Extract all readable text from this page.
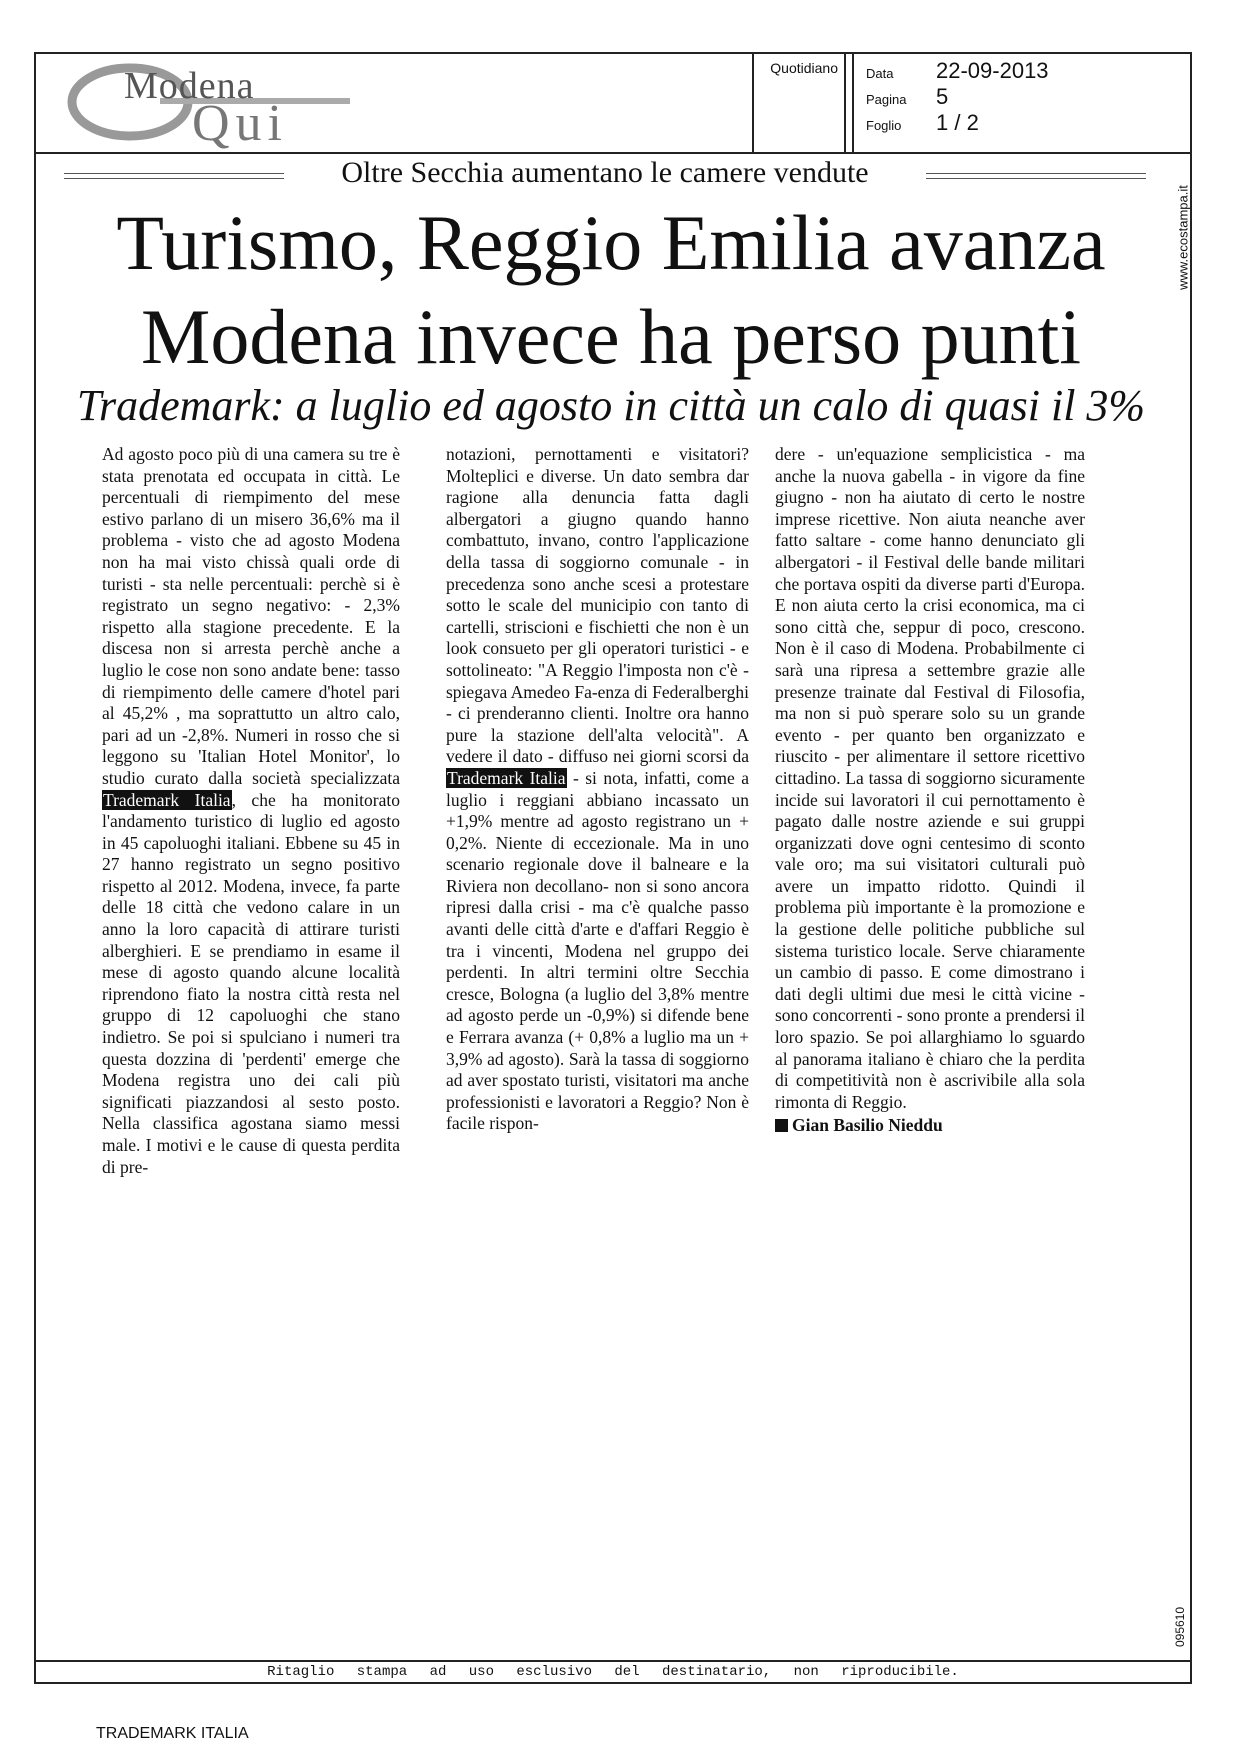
Modena
Qui
Quotidiano Data 22-09-2013
Pagina 5
Foglio 1 / 2
Oltre Secchia aumentano le camere vendute
Turismo, Reggio Emilia avanza
Modena invece ha perso punti
Trademark: a luglio ed agosto in città un calo di quasi il 3%
Ad agosto poco più di una camera su tre è stata prenotata ed occupata in città. Le percentuali di riempimento del mese estivo parlano di un misero 36,6% ma il problema - visto che ad agosto Modena non ha mai visto chissà quali orde di turisti - sta nelle percentuali: perchè si è registrato un segno negativo: - 2,3% rispetto alla stagione precedente. E la discesa non si arresta perchè anche a luglio le cose non sono andate bene: tasso di riempimento delle camere d'hotel pari al 45,2% , ma soprattutto un altro calo, pari ad un -2,8%. Numeri in rosso che si leggono su 'Italian Hotel Monitor', lo studio curato dalla società specializzata Trademark Italia, che ha monitorato l'andamento turistico di luglio ed agosto in 45 capoluoghi italiani. Ebbene su 45 in 27 hanno registrato un segno positivo rispetto al 2012. Modena, invece, fa parte delle 18 città che vedono calare in un anno la loro capacità di attirare turisti alberghieri. E se prendiamo in esame il mese di agosto quando alcune località riprendono fiato la nostra città resta nel gruppo di 12 capoluoghi che stano indietro. Se poi si spulciano i numeri tra questa dozzina di 'perdenti' emerge che Modena registra uno dei cali più significati piazzandosi al sesto posto. Nella classifica agostana siamo messi male. I motivi e le cause di questa perdita di pre-
notazioni, pernottamenti e visitatori? Molteplici e diverse. Un dato sembra dar ragione alla denuncia fatta dagli albergatori a giugno quando hanno combattuto, invano, contro l'applicazione della tassa di soggiorno comunale - in precedenza sono anche scesi a protestare sotto le scale del municipio con tanto di cartelli, striscioni e fischietti che non è un look consueto per gli operatori turistici - e sottolineato: "A Reggio l'imposta non c'è - spiegava Amedeo Fa-enza di Federalberghi - ci prenderanno clienti. Inoltre ora hanno pure la stazione dell'alta velocità". A vedere il dato - diffuso nei giorni scorsi da Trademark Italia - si nota, infatti, come a luglio i reggiani abbiano incassato un +1,9% mentre ad agosto registrano un + 0,2%. Niente di eccezionale. Ma in uno scenario regionale dove il balneare e la Riviera non decollano- non si sono ancora ripresi dalla crisi - ma c'è qualche passo avanti delle città d'arte e d'affari Reggio è tra i vincenti, Modena nel gruppo dei perdenti. In altri termini oltre Secchia cresce, Bologna (a luglio del 3,8% mentre ad agosto perde un -0,9%) si difende bene e Ferrara avanza (+ 0,8% a luglio ma un + 3,9% ad agosto). Sarà la tassa di soggiorno ad aver spostato turisti, visitatori ma anche professionisti e lavoratori a Reggio? Non è facile rispon-
dere - un'equazione semplicistica - ma anche la nuova gabella - in vigore da fine giugno - non ha aiutato di certo le nostre imprese ricettive. Non aiuta neanche aver fatto saltare - come hanno denunciato gli albergatori - il Festival delle bande militari che portava ospiti da diverse parti d'Europa. E non aiuta certo la crisi economica, ma ci sono città che, seppur di poco, crescono. Non è il caso di Modena. Probabilmente ci sarà una ripresa a settembre grazie alle presenze trainate dal Festival di Filosofia, ma non si può sperare solo su un grande evento - per quanto ben organizzato e riuscito - per alimentare il settore ricettivo cittadino. La tassa di soggiorno sicuramente incide sui lavoratori il cui pernottamento è pagato dalle nostre aziende e sui gruppi organizzati dove ogni centesimo di sconto vale oro; ma sui visitatori culturali può avere un impatto ridotto. Quindi il problema più importante è la promozione e la gestione delle politiche pubbliche sul sistema turistico locale. Serve chiaramente un cambio di passo. E come dimostrano i dati degli ultimi due mesi le città vicine - sono concorrenti - sono pronte a prendersi il loro spazio. Se poi allarghiamo lo sguardo al panorama italiano è chiaro che la perdita di competitività non è ascrivibile alla sola rimonta di Reggio.
Gian Basilio Nieddu
www.ecostampa.it
095610
Ritaglio stampa ad uso esclusivo del destinatario, non riproducibile.
TRADEMARK ITALIA
